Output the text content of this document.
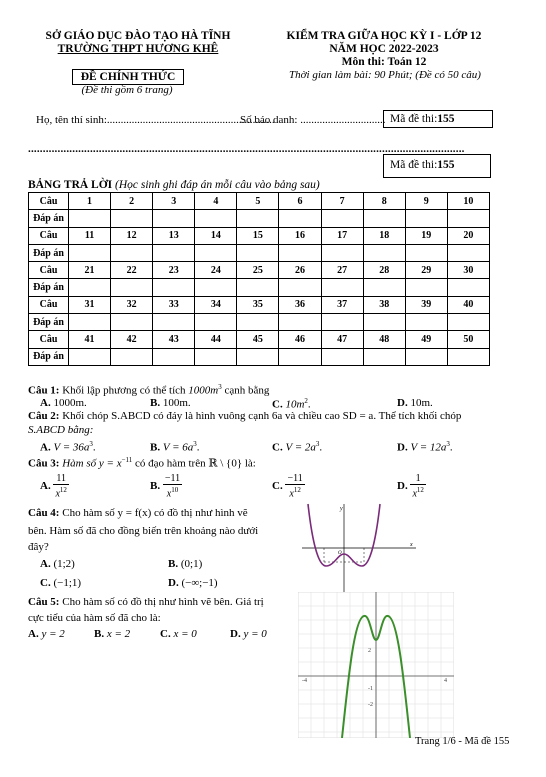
SỞ GIÁO DỤC ĐÀO TẠO HÀ TĨNH
TRƯỜNG THPT HƯƠNG KHÊ
ĐỀ CHÍNH THỨC
(Đề thi gồm 6 trang)
KIỂM TRA GIỮA HỌC KỲ I - LỚP 12
NĂM HỌC 2022-2023
Môn thi: Toán 12
Thời gian làm bài: 90 Phút; (Đề có 50 câu)
Họ, tên thí sinh:.............................................................
Số báo danh: ............................... Mã đề thi:155
....................................................................................................................................................
Mã đề thi:155
BẢNG TRẢ LỜI (Học sinh ghi đáp án mỗi câu vào bảng sau)
Câu	1	2	3	4	5	6	7	8	9	10
Đáp án										
Câu	11	12	13	14	15	16	17	18	19	20
Đáp án										
Câu	21	22	23	24	25	26	27	28	29	30
Đáp án										
Câu	31	32	33	34	35	36	37	38	39	40
Đáp án										
Câu	41	42	43	44	45	46	47	48	49	50
Đáp án										
Câu 1: Khối lập phương có thể tích $1000m^3$ cạnh bằng
A. 1000m.	B. 100m.	C. $10m^2$.	D. 10m.
Câu 2: Khối chóp S.ABCD có đáy là hình vuông cạnh 6a và chiều cao SD = a. Thể tích khối chóp
S.ABCD bằng:
A. $V = 36a^3$.	B. $V = 6a^3$.	C. $V = 2a^3$.	D. $V = 12a^3$.
Câu 3: Hàm số $y = x^{-11}$ có đạo hàm trên ℝ \ {0} là:
A. $\frac{11}{x^{12}}$	B. $\frac{-11}{x^{10}}$	C. $\frac{-11}{x^{12}}$	D. $\frac{1}{x^{12}}$
Câu 4: Cho hàm số y = f(x) có đồ thị như hình vẽ
bên. Hàm số đã cho đồng biến trên khoảng nào dưới
đây?
A. (1;2)	B. (0;1)
C. (−1;1)	D. (−∞;−1)
y
x
O
Câu 5: Cho hàm số có đồ thị như hình vẽ bên. Giá trị
cực tiểu của hàm số đã cho là:
A. y = 2	B. x = 2	C. x = 0	D. y = 0
2
-1
-2
-4	4
Trang 1/6 - Mã đề 155
